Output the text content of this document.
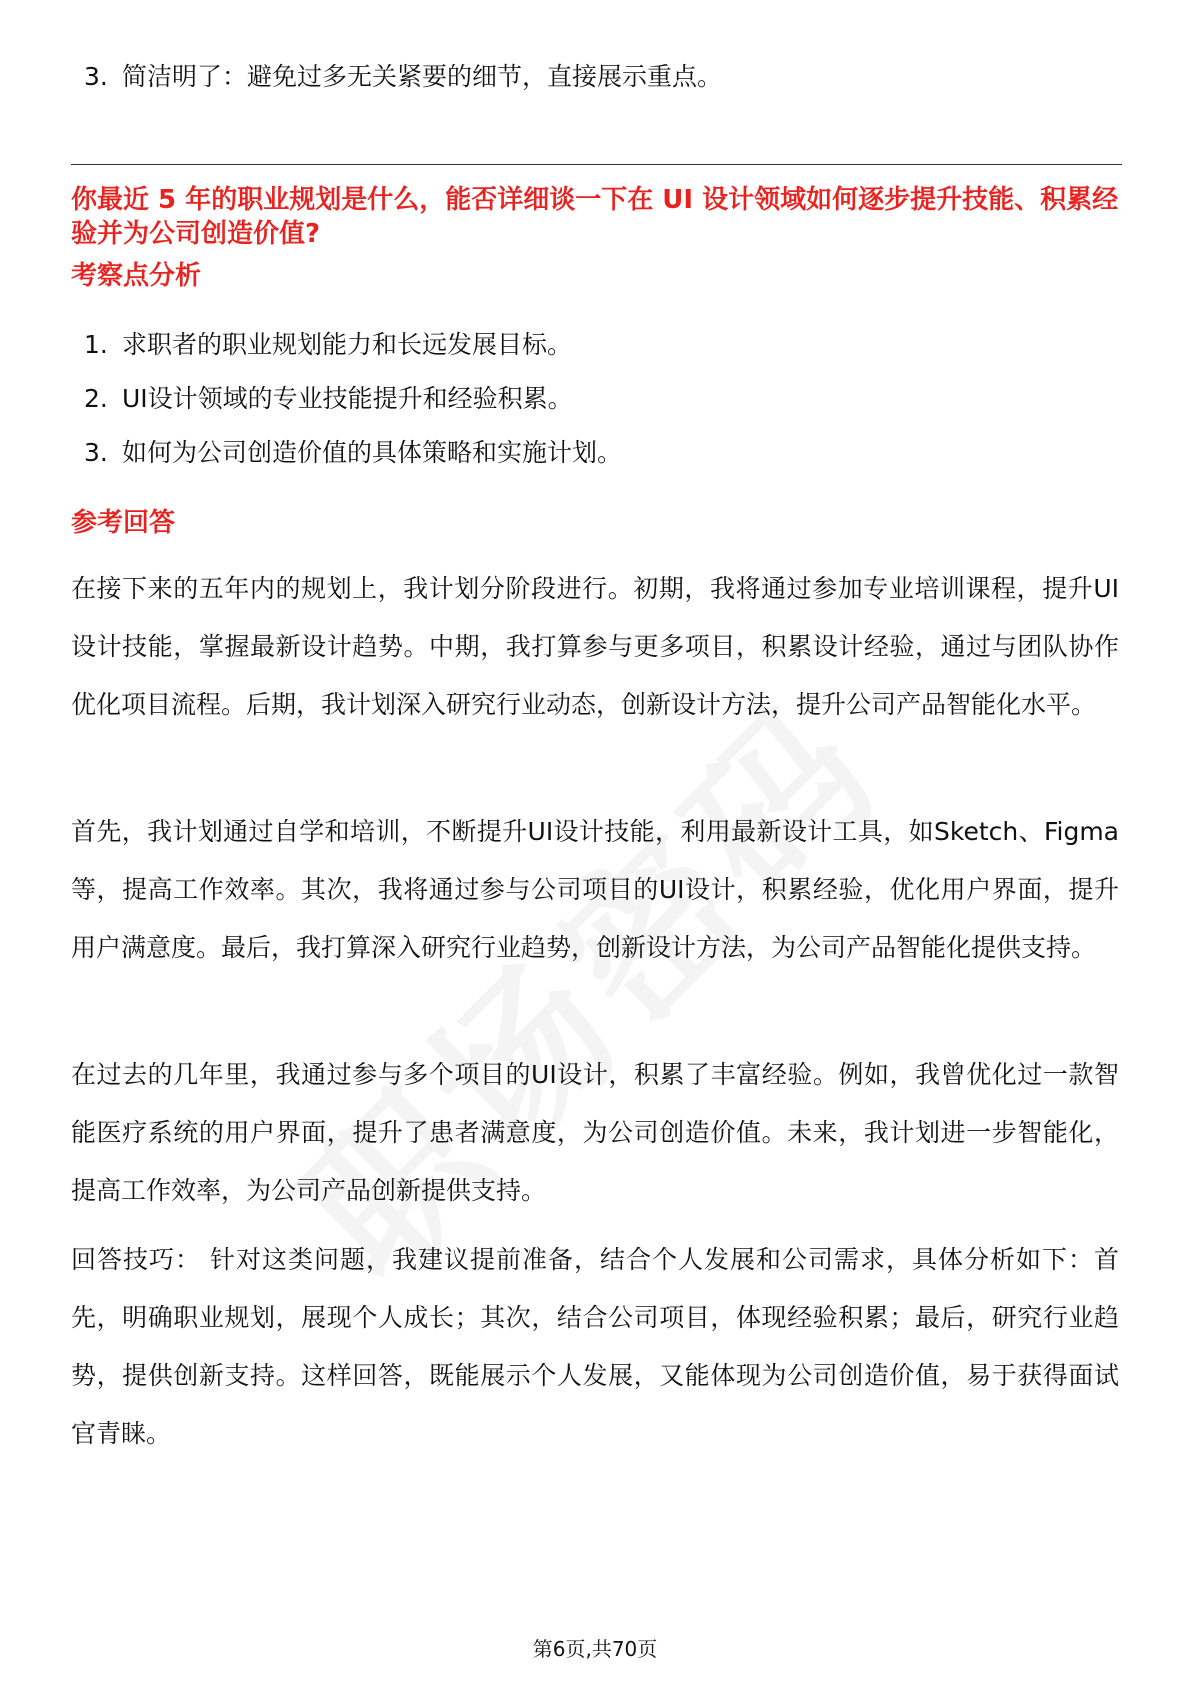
3. 简洁明了：避免过多无关紧要的细节，直接展示重点。
你最近 5 年的职业规划是什么，能否详细谈一下在 UI 设计领域如何逐步提升技能、积累经验并为公司创造价值?
考察点分析
1. 求职者的职业规划能力和长远发展目标。
2. UI设计领域的专业技能提升和经验积累。
3. 如何为公司创造价值的具体策略和实施计划。
参考回答
在接下来的五年内的规划上，我计划分阶段进行。初期，我将通过参加专业培训课程，提升UI设计技能，掌握最新设计趋势。中期，我打算参与更多项目，积累设计经验，通过与团队协作优化项目流程。后期，我计划深入研究行业动态，创新设计方法，提升公司产品智能化水平。
首先，我计划通过自学和培训，不断提升UI设计技能，利用最新设计工具，如Sketch、Figma等，提高工作效率。其次，我将通过参与公司项目的UI设计，积累经验，优化用户界面，提升用户满意度。最后，我打算深入研究行业趋势，创新设计方法，为公司产品智能化提供支持。
在过去的几年里，我通过参与多个项目的UI设计，积累了丰富经验。例如，我曾优化过一款智能医疗系统的用户界面，提升了患者满意度，为公司创造价值。未来，我计划进一步智能化，提高工作效率，为公司产品创新提供支持。
回答技巧： 针对这类问题，我建议提前准备，结合个人发展和公司需求，具体分析如下：首先，明确职业规划，展现个人成长；其次，结合公司项目，体现经验积累；最后，研究行业趋势，提供创新支持。这样回答，既能展示个人发展，又能体现为公司创造价值，易于获得面试官青睐。
第6页,共70页
